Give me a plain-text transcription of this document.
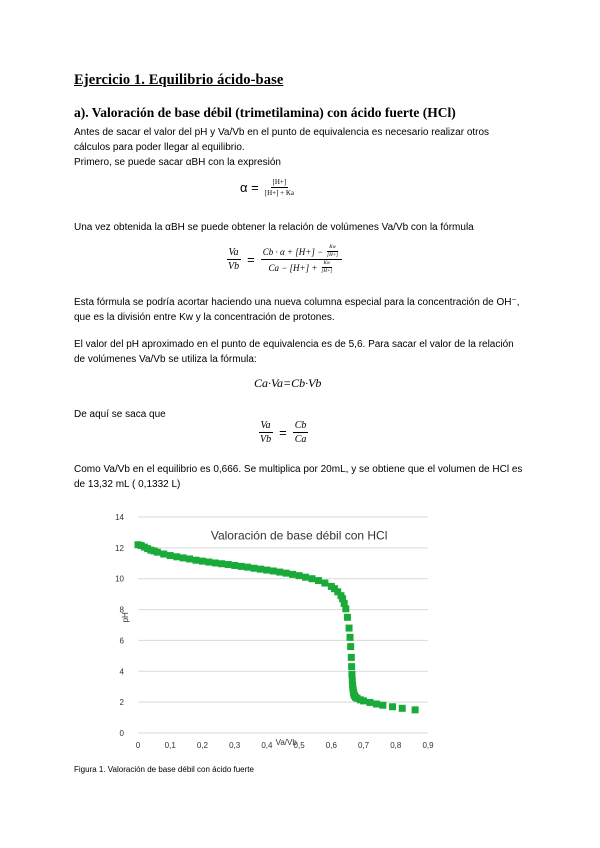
Ejercicio 1. Equilibrio ácido-base
a). Valoración de base débil (trimetilamina) con ácido fuerte (HCl)
Antes de sacar el valor del pH y Va/Vb en el punto de equivalencia es necesario realizar otros
cálculos para poder llegar al equilibrio.
Primero, se puede sacar αBH con la expresión
$\alpha = \frac{[H+]}{[H+] + Ka}$
Una vez obtenida la αBH se puede obtener la relación de volúmenes Va/Vb con la fórmula
$\frac{Va}{Vb} = \frac{Cb \cdot \alpha + [H+] - \frac{Kw}{[H+]}}{Ca - [H+] + \frac{Kw}{[H+]}}$
Esta fórmula se podría acortar haciendo una nueva columna especial para la concentración de OH⁻,
que es la división entre Kw y la concentración de protones.
El valor del pH aproximado en el punto de equivalencia es de 5,6. Para sacar el valor de la relación
de volúmenes Va/Vb se utiliza la fórmula:
Ca·Va=Cb·Vb
De aquí se saca que
$\frac{Va}{Vb} = \frac{Cb}{Ca}$
Como Va/Vb en el equilibrio es 0,666. Se multiplica por 20mL, y se obtiene que el volumen de HCl es
de 13,32 mL ( 0,1332 L)
0
2
4
6
8
10
12
14
0	0,1	0,2	0,3	0,4	0,5	0,6	0,7	0,8	0,9
Va/Vb
pH
Valoración de base débil con HCl
Figura 1. Valoración de base débil con ácido fuerte
